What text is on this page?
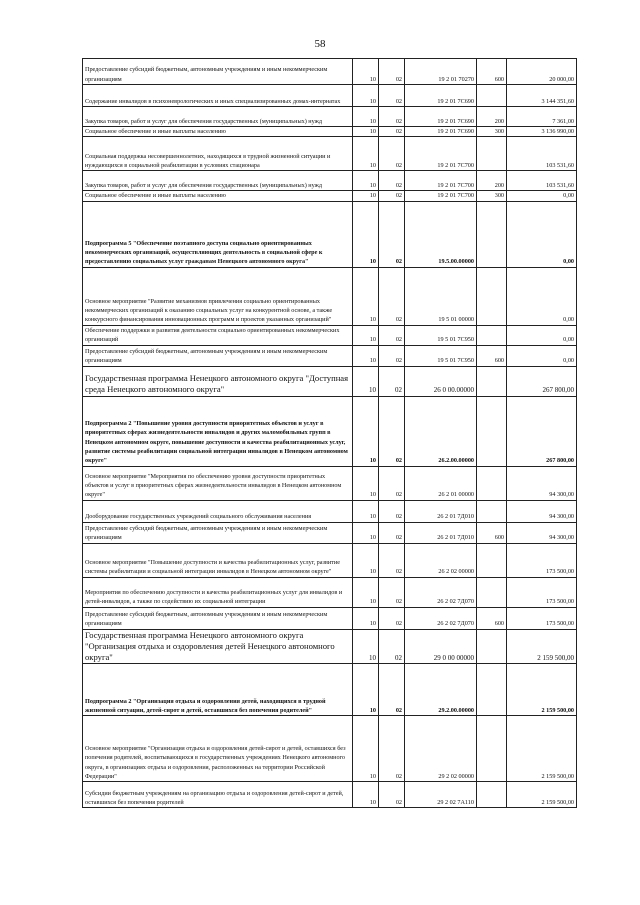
58
Предоставление субсидий бюджетным, автономным учреждениям и иным некоммерческим организациям	10	02	19 2 01 70270	600	20 000,00
Содержание инвалидов в психоневрологических и иных специализированных домах-интернатах	10	02	19 2 01 7С690		3 144 351,60
Закупка товаров, работ и услуг для обеспечения государственных (муниципальных) нужд	10	02	19 2 01 7С690	200	7 361,00
Социальное обеспечение и иные выплаты населению	10	02	19 2 01 7С690	300	3 136 990,00
Социальная поддержка несовершеннолетних, находящихся в трудной жизненной ситуации и нуждающихся в социальной реабилитации в условиях стационара	10	02	19 2 01 7С700		103 531,60
Закупка товаров, работ и услуг для обеспечения государственных (муниципальных) нужд	10	02	19 2 01 7С700	200	103 531,60
Социальное обеспечение и иные выплаты населению	10	02	19 2 01 7С700	300	0,00
Подпрограмма 5 "Обеспечение поэтапного доступа социально ориентированных некоммерческих организаций, осуществляющих деятельность в социальной сфере к предоставлению социальных услуг гражданам Ненецкого автономного округа"	10	02	19.5.00.00000		0,00
Основное мероприятие "Развитие механизмов привлечения социально ориентированных некоммерческих организаций к оказанию социальных услуг на конкурентной основе, а также конкурсного финансирования инновационных программ и проектов указанных организаций"	10	02	19 5 01 00000		0,00
Обеспечение поддержки и развития деятельности социально ориентированных некоммерческих организаций	10	02	19 5 01 7С950		0,00
Предоставление субсидий бюджетным, автономным учреждениям и иным некоммерческим организациям	10	02	19 5 01 7С950	600	0,00
Государственная программа Ненецкого автономного округа "Доступная среда Ненецкого автономного округа"	10	02	26 0 00.00000		267 800,00
Подпрограмма 2 "Повышение уровня доступности приоритетных объектов и услуг в приоритетных сферах жизнедеятельности инвалидов и других маломобильных групп в Ненецком автономном округе, повышение доступности и качества реабилитационных услуг, развитие системы реабилитации социальной интеграции инвалидов в Ненецком автономном округе"	10	02	26.2.00.00000		267 800,00
Основное мероприятие "Мероприятия по обеспечению уровня доступности приоритетных объектов и услуг в приоритетных сферах жизнедеятельности инвалидов в Ненецком автономном округе"	10	02	26 2 01 00000		94 300,00
Дооборудование государственных учреждений социального обслуживания населения	10	02	26 2 01 7Д010		94 300,00
Предоставление субсидий бюджетным, автономным учреждениям и иным некоммерческим организациям	10	02	26 2 01 7Д010	600	94 300,00
Основное мероприятие "Повышение доступности и качества реабилитационных услуг, развитие системы реабилитации и социальной интеграции инвалидов в Ненецком автономном округе"	10	02	26 2 02 00000		173 500,00
Мероприятия по обеспечению доступности и качества реабилитационных услуг для инвалидов и детей-инвалидов, а также по содействию их социальной интеграции	10	02	26 2 02 7Д070		173 500,00
Предоставление субсидий бюджетным, автономным учреждениям и иным некоммерческим организациям	10	02	26 2 02 7Д070	600	173 500,00
Государственная программа Ненецкого автономного округа "Организация отдыха и оздоровления детей Ненецкого автономного округа"	10	02	29 0 00 00000		2 159 500,00
Подпрограмма 2 "Организация отдыха и оздоровления детей, находящихся в трудной жизненной ситуации, детей-сирот и детей, оставшихся без попечения родителей"	10	02	29.2.00.00000		2 159 500,00
Основное мероприятие "Организация отдыха и оздоровления детей-сирот и детей, оставшихся без попечения родителей, воспитывающихся в государственных учреждениях Ненецкого автономного округа, в организациях отдыха и оздоровления, расположенных на территории Российской Федерации"	10	02	29 2 02 00000		2 159 500,00
Субсидии бюджетным учреждениям на организацию отдыха и оздоровления детей-сирот и детей, оставшихся без попечения родителей	10	02	29 2 02 7А110		2 159 500,00
